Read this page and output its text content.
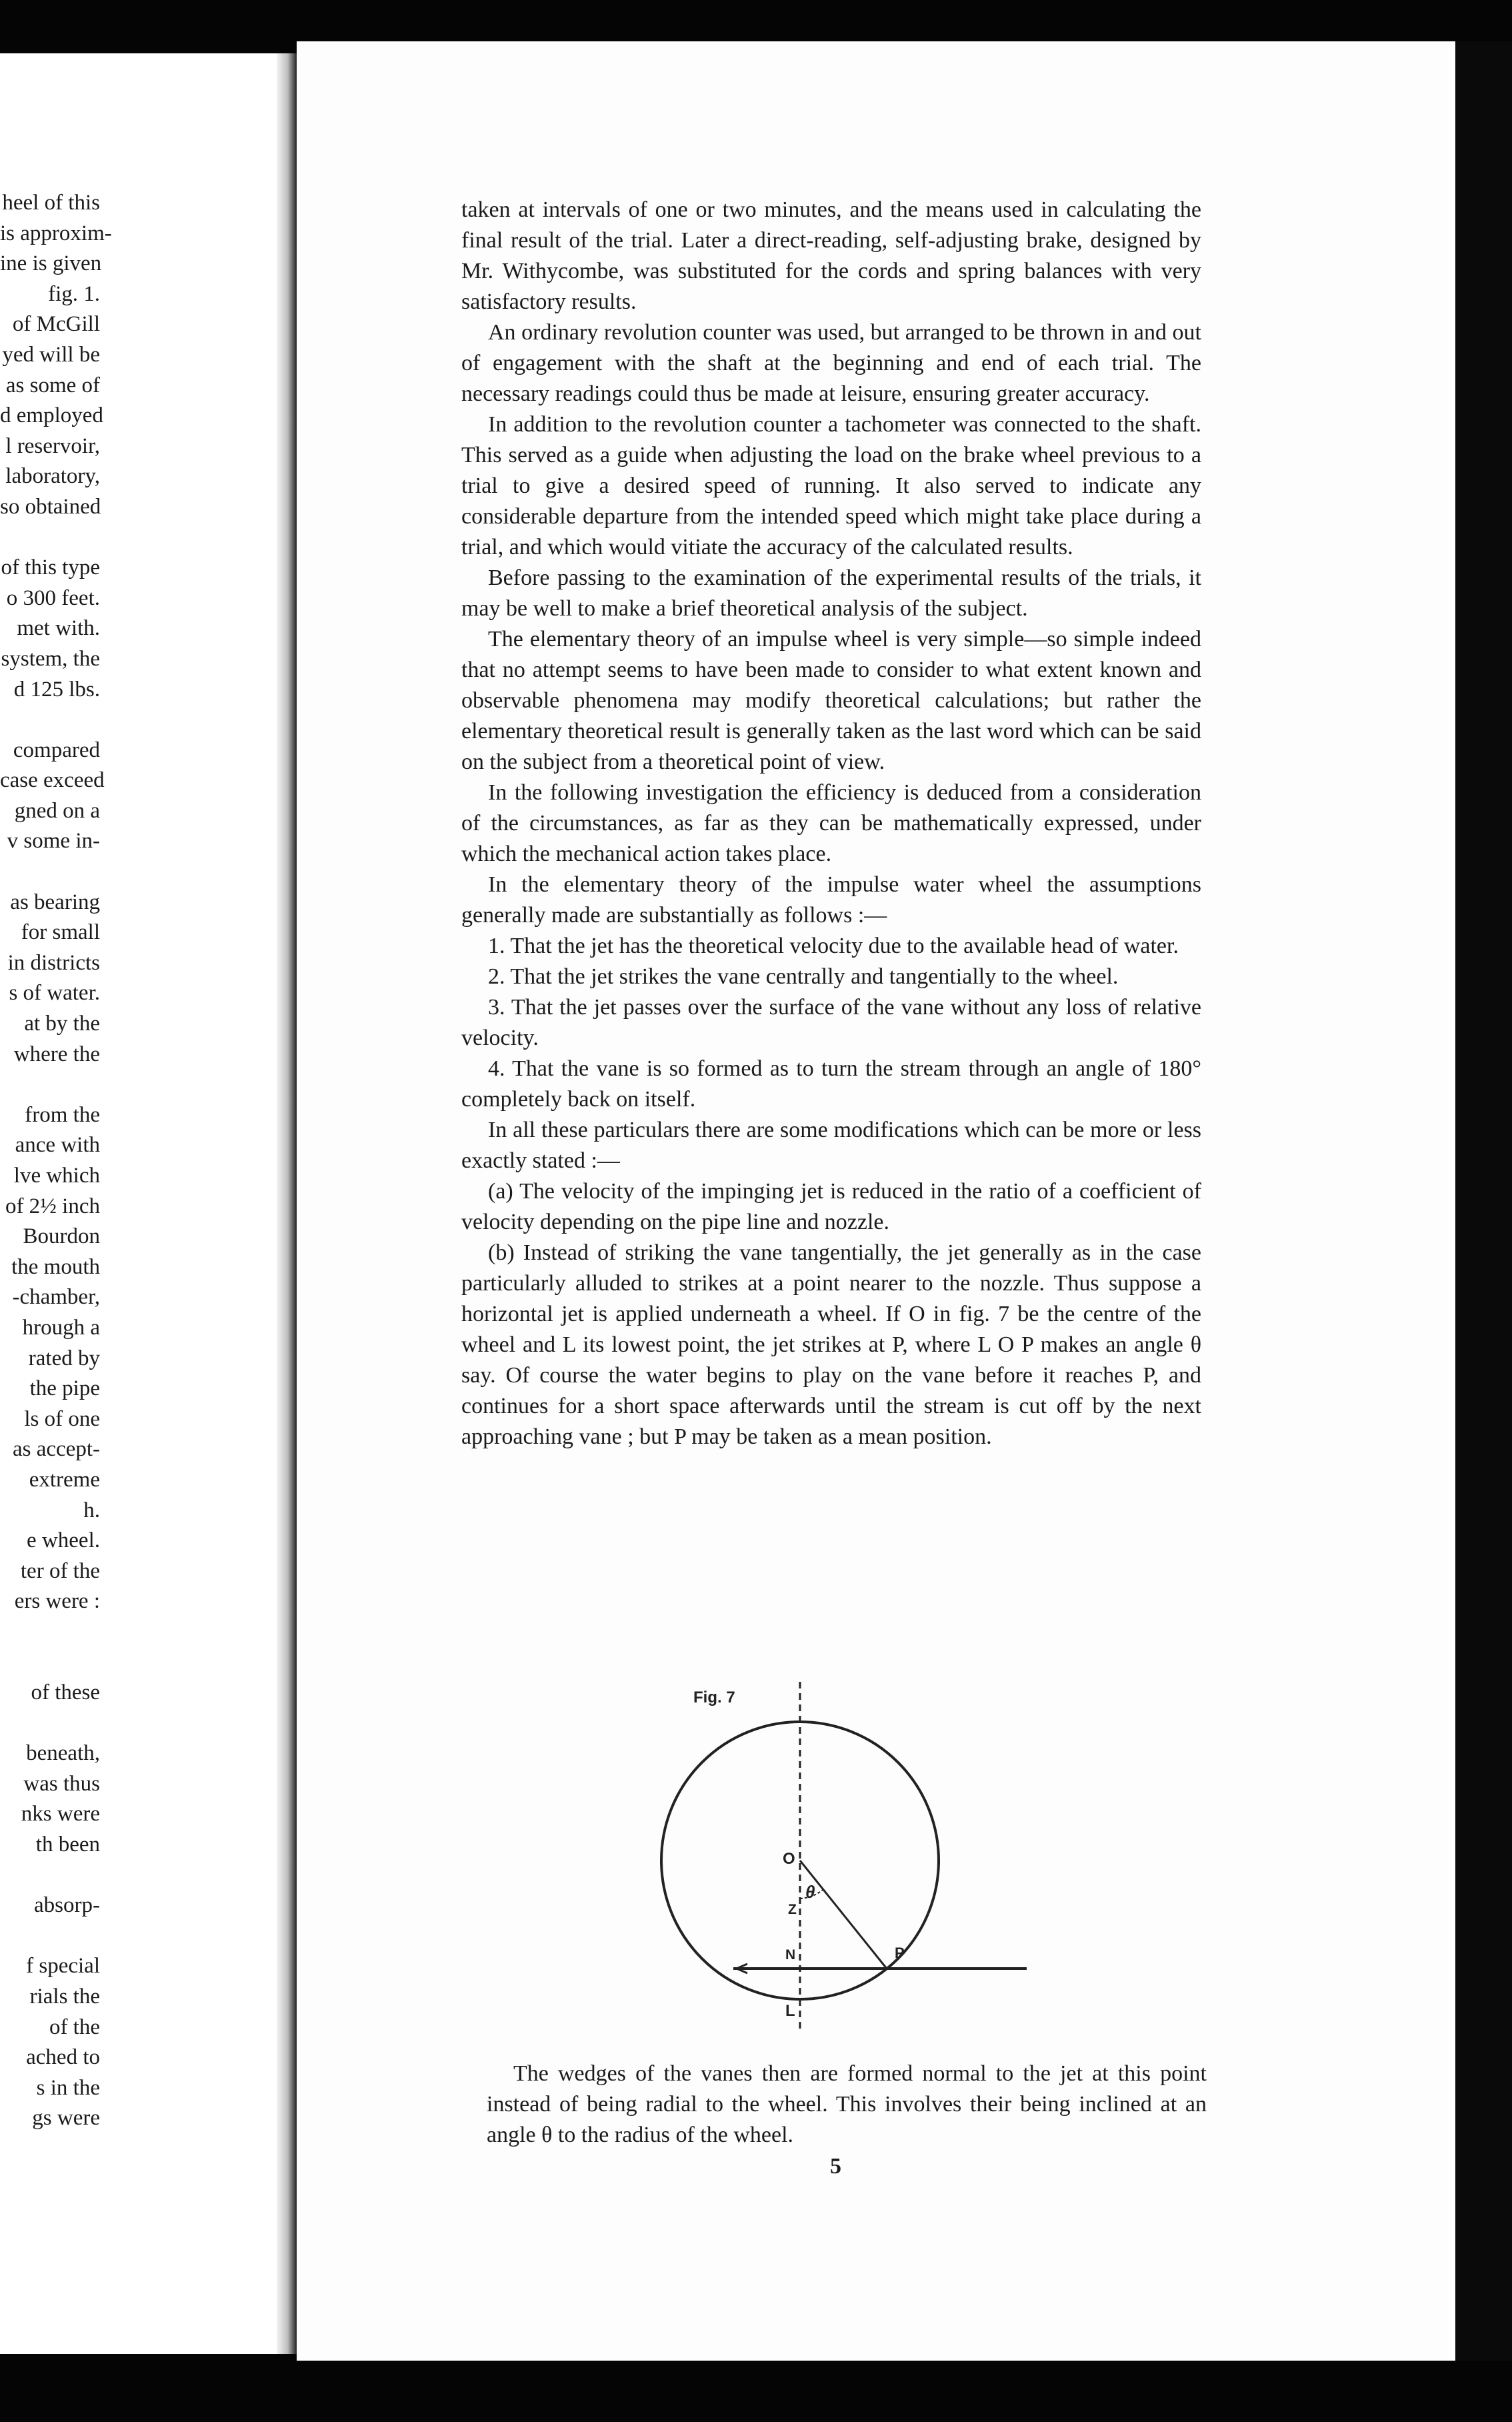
heel of this
is approxim-
ine is given
fig. 1.
of McGill
yed will be
as some of
d employed
l reservoir,
laboratory,
so obtained

of this type
o 300 feet.
met with.
system, the
d 125 lbs.

compared
case exceed
gned on a
v some in-

as bearing
for small
in districts
s of water.
at by the
where the

from the
ance with
lve which
of 2½ inch
Bourdon
the mouth
-chamber,
hrough a
rated by
the pipe
ls of one
as accept-
extreme
h.
e wheel.
ter of the
ers were :

of these

beneath,
was thus
nks were
th been

absorp-

f special
rials the
of the
ached to
s in the
gs were

taken at intervals of one or two minutes, and the means used in calculating the final result of the trial. Later a direct-reading, self-adjusting brake, designed by Mr. Withycombe, was substituted for the cords and spring balances with very satisfactory results.

An ordinary revolution counter was used, but arranged to be thrown in and out of engagement with the shaft at the beginning and end of each trial. The necessary readings could thus be made at leisure, ensuring greater accuracy.

In addition to the revolution counter a tachometer was connected to the shaft. This served as a guide when adjusting the load on the brake wheel previous to a trial to give a desired speed of running. It also served to indicate any considerable departure from the intended speed which might take place during a trial, and which would vitiate the accuracy of the calculated results.

Before passing to the examination of the experimental results of the trials, it may be well to make a brief theoretical analysis of the subject.

The elementary theory of an impulse wheel is very simple—so simple indeed that no attempt seems to have been made to consider to what extent known and observable phenomena may modify theoretical calculations; but rather the elementary theoretical result is generally taken as the last word which can be said on the subject from a theoretical point of view.

In the following investigation the efficiency is deduced from a consideration of the circumstances, as far as they can be mathematically expressed, under which the mechanical action takes place.

In the elementary theory of the impulse water wheel the assumptions generally made are substantially as follows :—

1. That the jet has the theoretical velocity due to the available head of water.

2. That the jet strikes the vane centrally and tangentially to the wheel.

3. That the jet passes over the surface of the vane without any loss of relative velocity.

4. That the vane is so formed as to turn the stream through an angle of 180° completely back on itself.

In all these particulars there are some modifications which can be more or less exactly stated :—

(a) The velocity of the impinging jet is reduced in the ratio of a coefficient of velocity depending on the pipe line and nozzle.

(b) Instead of striking the vane tangentially, the jet generally as in the case particularly alluded to strikes at a point nearer to the nozzle. Thus suppose a horizontal jet is applied underneath a wheel. If O in fig. 7 be the centre of the wheel and L its lowest point, the jet strikes at P, where L O P makes an angle θ say. Of course the water begins to play on the vane before it reaches P, and continues for a short space afterwards until the stream is cut off by the next approaching vane ; but P may be taken as a mean position.

Fig. 7
O
Z
N
L
P
θ

The wedges of the vanes then are formed normal to the jet at this point instead of being radial to the wheel. This involves their being inclined at an angle θ to the radius of the wheel.

5
